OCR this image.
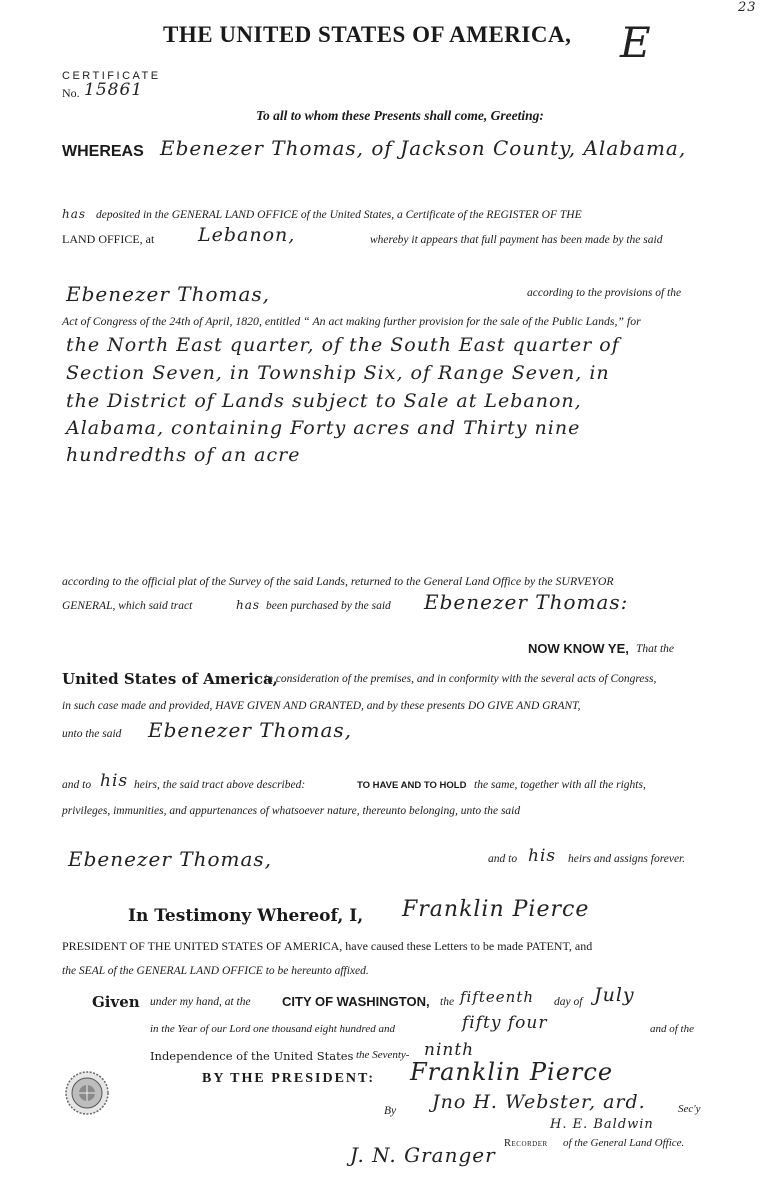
23
E
THE UNITED STATES OF AMERICA,
CERTIFICATE
No. 15861
To all to whom these Presents shall come, Greeting:
WHEREAS Ebenezer Thomas, of Jackson County, Alabama,
has deposited in the GENERAL LAND OFFICE of the United States, a Certificate of the REGISTER OF THE
LAND OFFICE, at Lebanon,	whereby it appears that full payment has been made by the said
Ebenezer Thomas,	according to the provisions of the
Act of Congress of the 24th of April, 1820, entitled “ An act making further provision for the sale of the Public Lands,” for
the North East quarter, of the South East quarter of
Section Seven, in Township Six, of Range Seven, in
the District of Lands subject to Sale at Lebanon,
Alabama, containing Forty acres and Thirty nine
hundredths of an acre
according to the official plat of the Survey of the said Lands, returned to the General Land Office by the SURVEYOR
GENERAL, which said tract	has been purchased by the said Ebenezer Thomas:
NOW KNOW YE, That the
United States of America,
in consideration of the premises, and in conformity with the several acts of Congress,
in such case made and provided, HAVE GIVEN AND GRANTED, and by these presents DO GIVE AND GRANT,
unto the said Ebenezer Thomas,
and to his heirs, the said tract above described:	TO HAVE AND TO HOLD the same, together with all the rights,
privileges, immunities, and appurtenances of whatsoever nature, thereunto belonging, unto the said
Ebenezer Thomas,	and to his heirs and assigns forever.
In Testimony Whereof, I, Franklin Pierce
PRESIDENT OF THE UNITED STATES OF AMERICA, have caused these Letters to be made PATENT, and
the SEAL of the GENERAL LAND OFFICE to be hereunto affixed.
Given under my hand, at the CITY OF WASHINGTON, the fifteenth day of July
in the Year of our Lord one thousand eight hundred and	fifty four	and of the
Independence of the United States the Seventy- ninth
BY THE PRESIDENT: Franklin Pierce
By Jno H. Webster, ard.	Sec'y
H. E. Baldwin
J. N. Granger Recorder of the General Land Office.
